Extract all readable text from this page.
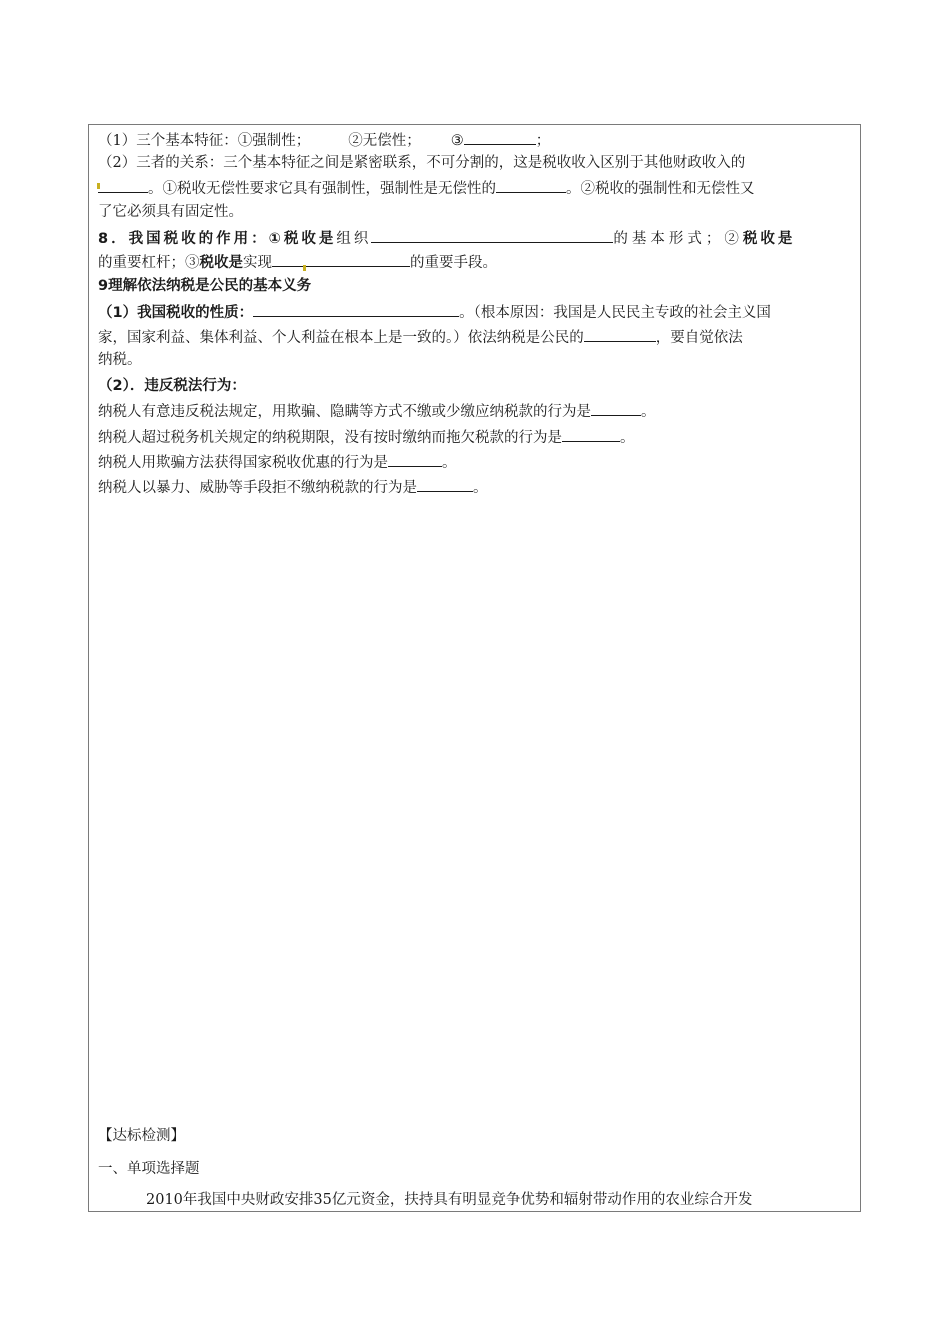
（1）三个基本特征：①强制性；	②无偿性； ③	；
（2）三者的关系：三个基本特征之间是紧密联系，不可分割的，这是税收收入区别于其他财政收入的
。①税收无偿性要求它具有强制性，强制性是无偿性的	。②税收的强制性和无偿性又
了它必须具有固定性。
8．我国税收的作用：①税收是组织	的基本形式；②税收是
的重要杠杆；③税收是实现	的重要手段。
9理解依法纳税是公民的基本义务
（1）我国税收的性质：	。（根本原因：我国是人民民主专政的社会主义国
家，国家利益、集体利益、个人利益在根本上是一致的。）依法纳税是公民的	，要自觉依法
纳税。
（2）．违反税法行为：
纳税人有意违反税法规定，用欺骗、隐瞒等方式不缴或少缴应纳税款的行为是	。
纳税人超过税务机关规定的纳税期限，没有按时缴纳而拖欠税款的行为是	。
纳税人用欺骗方法获得国家税收优惠的行为是	。
纳税人以暴力、威胁等手段拒不缴纳税款的行为是	。
【达标检测】
一、单项选择题
2010年我国中央财政安排35亿元资金，扶持具有明显竞争优势和辐射带动作用的农业综合开发
